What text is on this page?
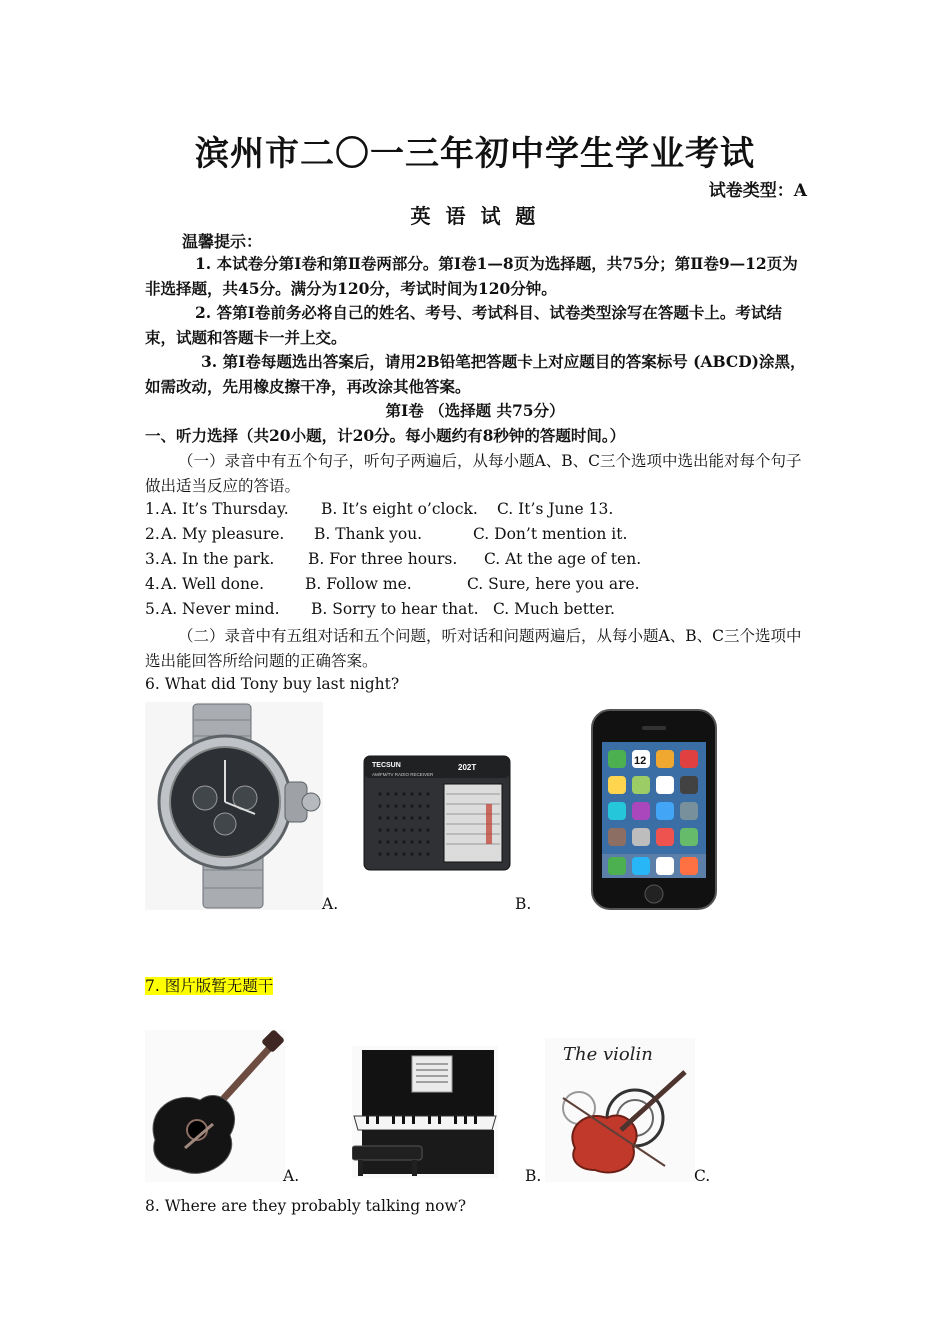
滨州市二〇一三年初中学生学业考试
试卷类型：A
英 语 试 题
温馨提示：
1. 本试卷分第Ⅰ卷和第Ⅱ卷两部分。第Ⅰ卷1—8页为选择题，共75分；第Ⅱ卷9—12页为非选择题，共45分。满分为120分，考试时间为120分钟。
2. 答第Ⅰ卷前务必将自己的姓名、考号、考试科目、试卷类型涂写在答题卡上。考试结束，试题和答题卡一并上交。
3. 第Ⅰ卷每题选出答案后，请用2B铅笔把答题卡上对应题目的答案标号 (ABCD)涂黑，如需改动，先用橡皮擦干净，再改涂其他答案。
第Ⅰ卷 （选择题 共75分）
一、听力选择（共20小题，计20分。每小题约有8秒钟的答题时间。）
（一）录音中有五个句子，听句子两遍后，从每小题A、B、C三个选项中选出能对每个句子做出适当反应的答语。
1. A. It’s Thursday. B. It’s eight o’clock. C. It’s June 13.
2. A. My pleasure. B. Thank you.	C. Don’t mention it.
3. A. In the park. B. For three hours. C. At the age of ten.
4. A. Well done.	B. Follow me.	C. Sure, here you are.
5. A. Never mind. B. Sorry to hear that. C. Much better.
（二）录音中有五组对话和五个问题，听对话和问题两遍后，从每小题A、B、C三个选项中选出能回答所给问题的正确答案。
6. What did Tony buy last night?
A.
TECSUN
AM/FM/TV RADIO RECEIVER
202T
B.
12
7. 图片版暂无题干
A.	B.
The violin
C.
8. Where are they probably talking now?
